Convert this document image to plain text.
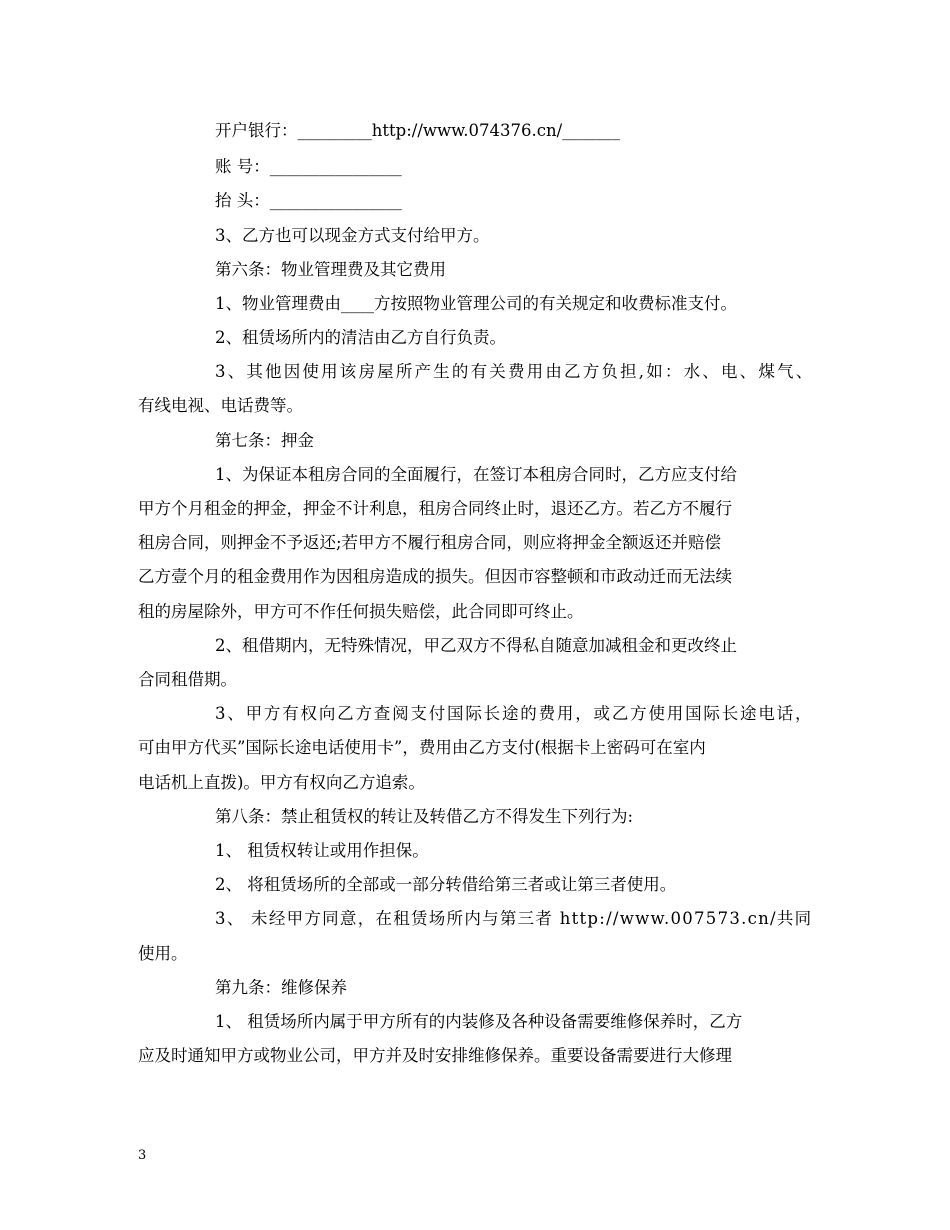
开户银行：_________http://www.074376.cn/_______
账 号：________________
抬 头：________________
3、乙方也可以现金方式支付给甲方。
第六条：物业管理费及其它费用
1、物业管理费由____方按照物业管理公司的有关规定和收费标准支付。
2、租赁场所内的清洁由乙方自行负责。
3、其他因使用该房屋所产生的有关费用由乙方负担,如：水、电、煤气、
有线电视、电话费等。
第七条：押金
1、为保证本租房合同的全面履行，在签订本租房合同时，乙方应支付给
甲方个月租金的押金，押金不计利息，租房合同终止时，退还乙方。若乙方不履行
租房合同，则押金不予返还;若甲方不履行租房合同，则应将押金全额返还并赔偿
乙方壹个月的租金费用作为因租房造成的损失。但因市容整顿和市政动迁而无法续
租的房屋除外，甲方可不作任何损失赔偿，此合同即可终止。
2、租借期内，无特殊情况，甲乙双方不得私自随意加减租金和更改终止
合同租借期。
3、甲方有权向乙方查阅支付国际长途的费用，或乙方使用国际长途电话，
可由甲方代买”国际长途电话使用卡”，费用由乙方支付(根据卡上密码可在室内
电话机上直拨)。甲方有权向乙方追索。
第八条：禁止租赁权的转让及转借乙方不得发生下列行为:
1、 租赁权转让或用作担保。
2、 将租赁场所的全部或一部分转借给第三者或让第三者使用。
3、 未经甲方同意，在租赁场所内与第三者 http://www.007573.cn/共同
使用。
第九条：维修保养
1、 租赁场所内属于甲方所有的内装修及各种设备需要维修保养时，乙方
应及时通知甲方或物业公司，甲方并及时安排维修保养。重要设备需要进行大修理
3
